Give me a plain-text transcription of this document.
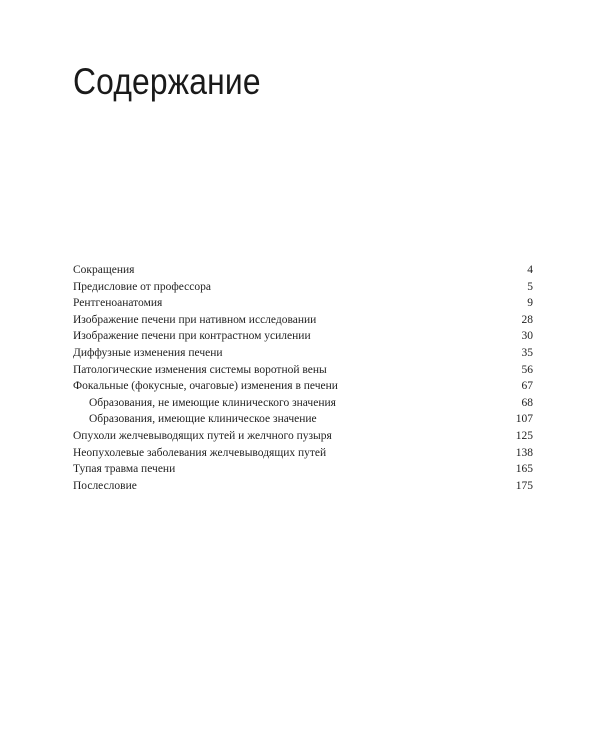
Содержание
Сокращения	4
Предисловие от профессора	5
Рентгеноанатомия	9
Изображение печени при нативном исследовании	28
Изображение печени при контрастном усилении	30
Диффузные изменения печени	35
Патологические изменения системы воротной вены	56
Фокальные (фокусные, очаговые) изменения в печени	67
Образования, не имеющие клинического значения	68
Образования, имеющие клиническое значение	107
Опухоли желчевыводящих путей и желчного пузыря	125
Неопухолевые заболевания желчевыводящих путей	138
Тупая травма печени	165
Послесловие	175
